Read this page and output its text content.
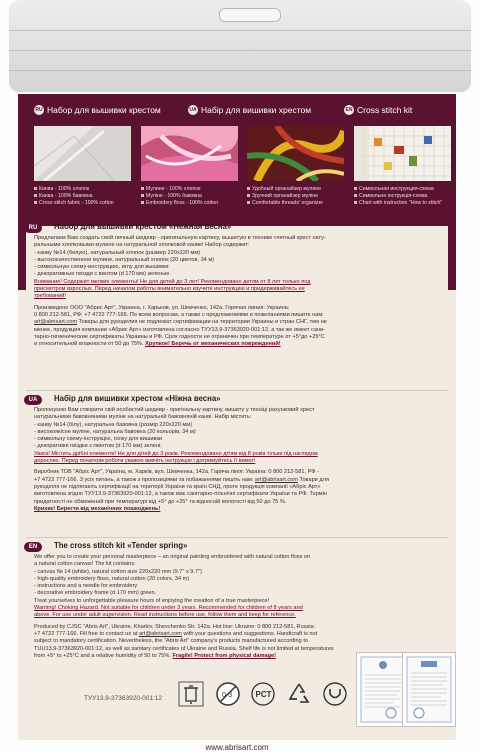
RU Набор для вышивки крестом	UA Набір для вишивки хрестом	EN Cross stitch kit
Канва - 100% хлопок
Канва - 100% бавовна
Cross stitch fabric - 100% cotton
Мулине - 100% хлопок
Муліне - 100% бавовна
Embroidery floss - 100% cotton
Удобный органайзер мулине
Зручний органайзер муліне
Comfortable threads' organizer
Символьная инструкция-схема
Символьна інструкція-схема
Chart with instruction "How to stitch"
RU	Набор для вышивки крестом «Нежная весна»
Предлагаем Вам создать свой личный шедевр - оригинальную картину, вышитую в технике счетный крест нату-
ральными хлопковыми мулине на натуральной хлопковой канве! Набор содержит:
- канву №14 (белую), натуральный хлопок (размер 220х220 мм)
- высококачественное мулине, натуральный хлопок (20 цветов, 34 м)
- символьную схему-инструкцию, иглу для вышивки
- декоративные гвозди с винтом (d 170 мм) зеленые.
Внимание! Содержит мелкие элементы! Не для детей до 3 лет! Рекомендовано детям от 8 лет только под
присмотром взрослых. Перед началом работы внимательно изучите инструкцию и придерживайтесь ее
требований!
Произведено ООО "Абрис Арт", Украина, г. Харьков, ул. Шевченко, 142а. Горячая линия: Украина:
0 800 212-581, РФ: +7 4722 777-166. По всем вопросам, а также с предложениями и пожеланиями пишите нам:
art@abrisart.com Товары для рукоделия не подлежат сертификации на территории Украины и стран СНГ, тем не
менее, продукция компании «Абрис Арт» изготовлена согласно ТУУ13.9-37363920-001:12, а так же имеет сани-
тарно-гигиенические сертификаты Украины и РФ. Срок годности не ограничен при температуре от +5°до +25°С
и относительной влажности от 50 до 75%. Хрупкое! Беречь от механических повреждений!
UA	Набір для вишивки хрестом «Ніжна весна»
Пропонуємо Вам створити свій особистий шедевр - оригінальну картину, вишиту у техніці рахунковий хрест
натуральними бавовняними муліне на натуральній бавовняній канві. Набір містить:
- канву №14 (білу), натуральна бавовна (розмір 220х220 мм)
- високоякісне муліне, натуральна бавовна (20 кольорів, 34 м)
- символьну схему-інструкцію, голку для вишивки
- декоративні гвіздки з гвинтом (d 170 мм) зелені.
Увага! Містить дрібні елементи! Не для дітей до 3 років. Рекомендовано дітям від 8 років тільки під наглядом
дорослих. Перед початком роботи уважно вивчіть інструкцію і дотримуйтесь її вимог!
Виробник ТОВ "Абріс Арт", Україна, м. Харків, вул. Шевченка, 142а. Гаряча лінія: Україна: 0 800 212-581, РФ -
+7 4722 777-166. З усіх питань, а також з пропозиціями та побажаннями пишіть нам: art@abrisart.com Товари для
рукоділля не підлягають сертифікації на території України та країн СНД, проте продукція компанії «Абріс Арт»
виготовлена згідно ТУУ13.9-37363920-001:12, а також має санітарно-гігієнічні сертифікати України та РФ. Термін
придатності не обмежений при температурі від +5° до +25° та відносній вологості від 50 до 75 %.
Крихке! Берегти від механічних пошкоджень!
EN	The cross stitch kit «Tender spring»
We offer you to create your personal masterpiece – an original painting embroidered with natural cotton floss on
a natural cotton canvas! The kit contains:
- canvas № 14 (white), natural cotton size 220х220 mm (9.7" x 9.7")
- high-quality embroidery floss, natural cotton (20 colors, 34 m)
- instructions and a needle for embroidery
- decorative embroidery frame (d 170 mm) green.
Treat yourselves to unforgettable pleasure hours of enjoying the creation of a true masterpiece!
Warning! Choking Hazard. Not suitable for children under 3 years. Recommended for children of 8 years and
above. For use under adult supervision. Read instructions before use, follow them and keep for reference.
Produced by CJSC "Abris Art", Ukraine, Kharkiv, Shevchenko Str. 142a. Hot line: Ukraine: 0 800 212-581, Russia:
+7 4722 777-166. Fill free to contact us at art@abrisart.com with your questions and suggestions. Handicraft is not
subject to mandatory certification. Nevertheless, the "Abris Art" company's products manufactured according to
TUU13.9-37363920-001:12, as well as sanitary certificates of Ukraine and Russia. Shelf life is not limited at temperatures
from +5° to +25°C and a relative humidity of 50 to 75%. Fragile! Protect from physical damage!
ТУУ13.9-37363920-001:12	0-3	PCT
www.abrisart.com
